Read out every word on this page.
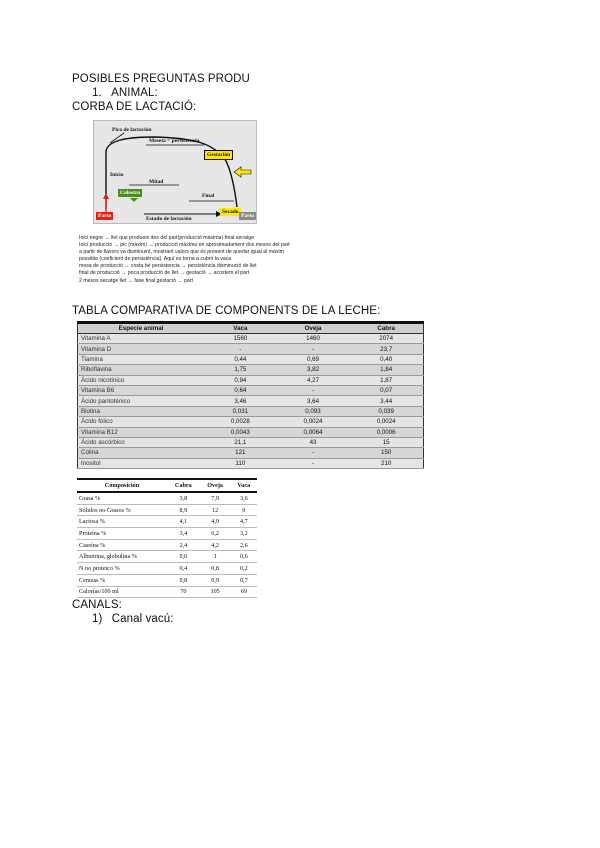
POSIBLES PREGUNTAS PRODU
1. ANIMAL:
CORBA DE LACTACIÓ:
Pico de lactación
Meseta = persistencia
Gestación
Inicio
Mitad
Calostro	Final
Parto	Estado de lactación
Secado
Parto
Inici negre → llet que produeix des del part(producció màxima)-final secatge
Inici producció → pic (màxim) → producció màxima en aproximadament dos mesos del part
a partir de llavors va disminuint, mostrant valors que és present de quedar igual al màxim
possible (coeficient de persistència). Aquí es torna a cubrir la vaca
mesa de producció → costa bé persistencia → persistència disminució de llet
final de producció → poca producció de llet → gestació → acostem el part
2 mesos secatge llet → fase final gestació → part
TABLA COMPARATIVA DE COMPONENTS DE LA LECHE:
Especie animal	Vaca	Oveja	Cabra
Vitamina A	1560	1460	2074
Vitamina D	-	-	23,7
Tiamina	0,44	0,69	0,40
Riboflavina	1,75	3,82	1,84
Ácido nicotínico	0,94	4,27	1,87
Vitamina B6	0,64	-	0,07
Ácido pantoténico	3,46	3,64	3,44
Biotina	0,031	0,093	0,039
Ácido fólico	0,0028	0,0024	0,0024
Vitamina B12	0,0043	0,0064	0,0006
Ácido ascórbico	21,1	43	15
Colina	121	-	150
Inositol	110	-	210
Composición	Cabra	Oveja	Vaca
Grasa %	3,8	7,9	3,6
Sólidos no Grasos %	8,9	12	9
Lactosa %	4,1	4,9	4,7
Proteína %	3,4	6,2	3,2
Caseína %	2,4	4,2	2,6
Albumina, globulina %	0,6	1	0,6
N no proteico %	0,4	0,8	0,2
Cenizas %	0,8	0,9	0,7
Calorías/100 ml	70	105	69
CANALS:
1) Canal vacú:
